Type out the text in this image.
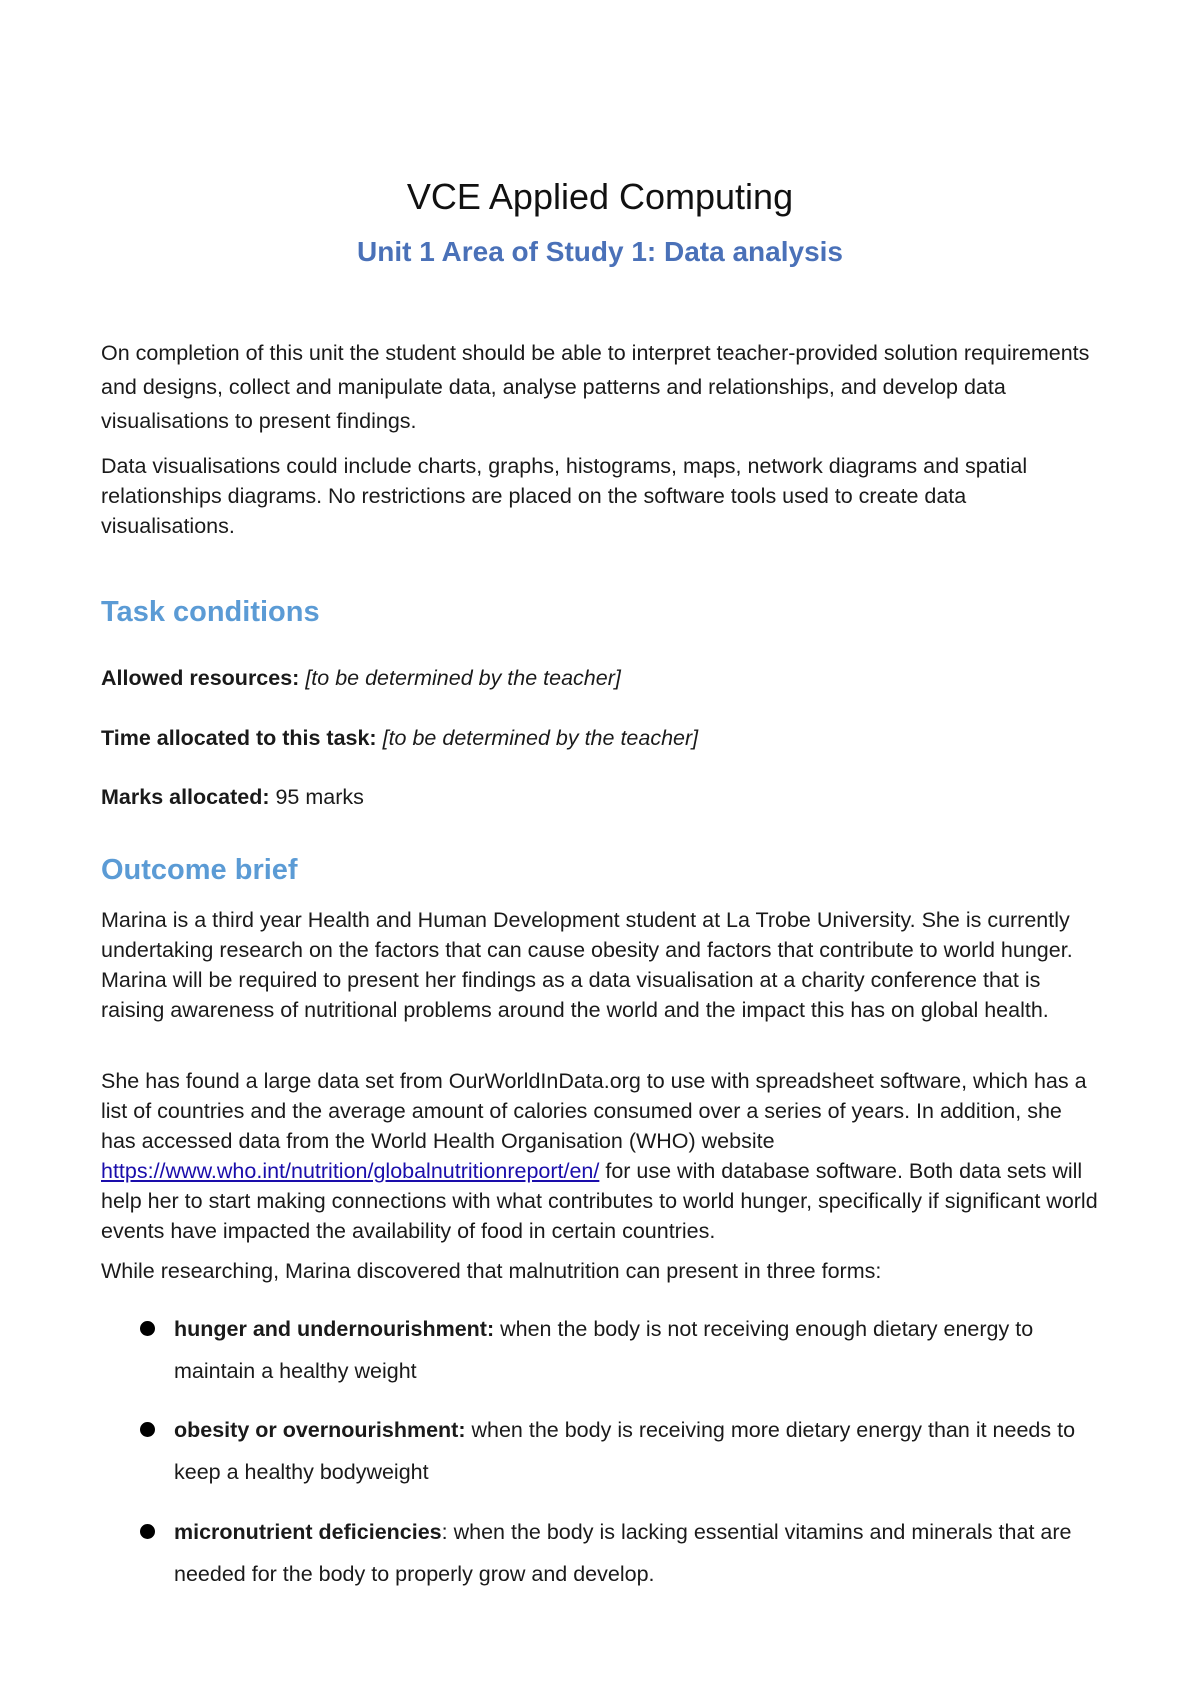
VCE Applied Computing
Unit 1 Area of Study 1: Data analysis

On completion of this unit the student should be able to interpret teacher-provided solution requirements and designs, collect and manipulate data, analyse patterns and relationships, and develop data visualisations to present findings.

Data visualisations could include charts, graphs, histograms, maps, network diagrams and spatial relationships diagrams. No restrictions are placed on the software tools used to create data visualisations.

Task conditions
Allowed resources: [to be determined by the teacher]
Time allocated to this task: [to be determined by the teacher]
Marks allocated: 95 marks
Outcome brief

Marina is a third year Health and Human Development student at La Trobe University. She is currently undertaking research on the factors that can cause obesity and factors that contribute to world hunger. Marina will be required to present her findings as a data visualisation at a charity conference that is raising awareness of nutritional problems around the world and the impact this has on global health.

She has found a large data set from OurWorldInData.org to use with spreadsheet software, which has a list of countries and the average amount of calories consumed over a series of years. In addition, she has accessed data from the World Health Organisation (WHO) website https://www.who.int/nutrition/globalnutritionreport/en/ for use with database software. Both data sets will help her to start making connections with what contributes to world hunger, specifically if significant world events have impacted the availability of food in certain countries.

While researching, Marina discovered that malnutrition can present in three forms:

hunger and undernourishment: when the body is not receiving enough dietary energy to maintain a healthy weight
obesity or overnourishment: when the body is receiving more dietary energy than it needs to keep a healthy bodyweight
micronutrient deficiencies: when the body is lacking essential vitamins and minerals that are needed for the body to properly grow and develop.
